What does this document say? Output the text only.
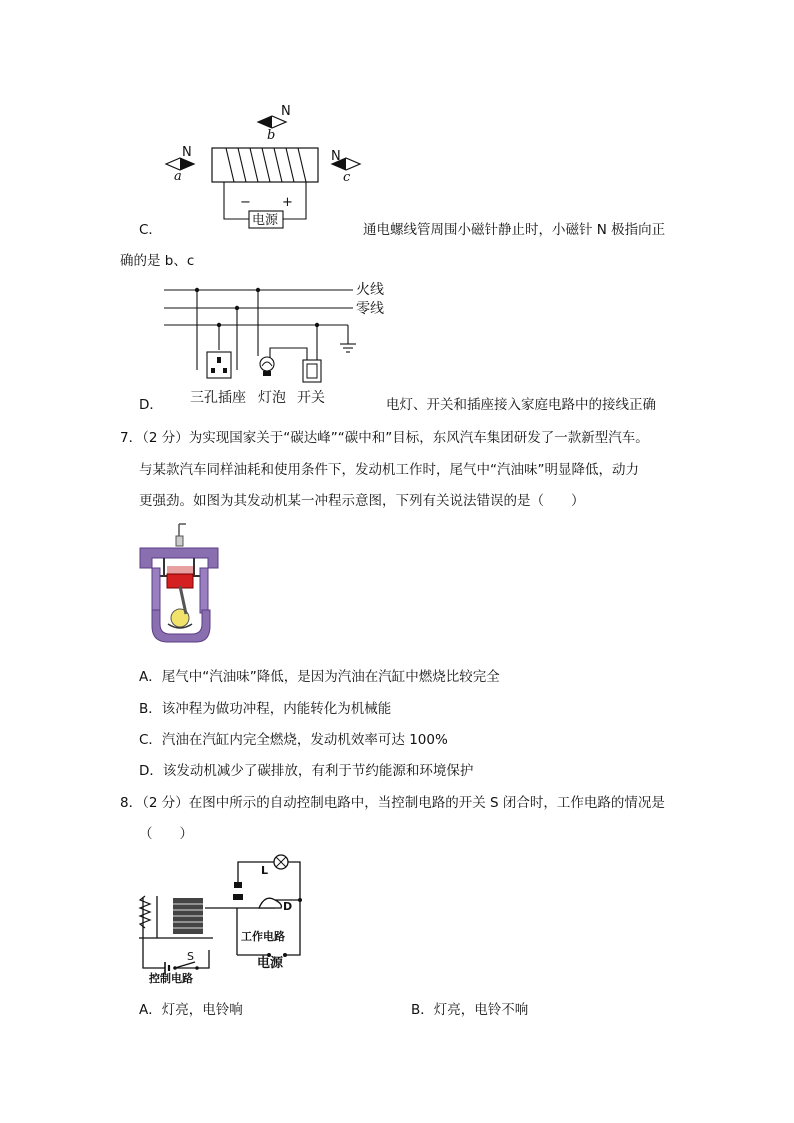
N
b
N
a
N
c
电源
− +
C．	通电螺线管周围小磁针静止时，小磁针 N 极指向正
确的是 b、c
火线
零线
三孔插座 灯泡 开关
D．	电灯、开关和插座接入家庭电路中的接线正确
7．（2 分）为实现国家关于“碳达峰”“碳中和”目标，东风汽车集团研发了一款新型汽车。
与某款汽车同样油耗和使用条件下，发动机工作时，尾气中“汽油味”明显降低，动力
更强劲。如图为其发动机某一冲程示意图，下列有关说法错误的是（　　）
A．尾气中“汽油味”降低，是因为汽油在汽缸中燃烧比较完全
B．该冲程为做功冲程，内能转化为机械能
C．汽油在汽缸内完全燃烧，发动机效率可达 100%
D．该发动机减少了碳排放，有利于节约能源和环境保护
8．（2 分）在图中所示的自动控制电路中，当控制电路的开关 S 闭合时，工作电路的情况是
（　　）
L
D
工作电路
S
控制电路
电源
A．灯亮，电铃响	B．灯亮，电铃不响
